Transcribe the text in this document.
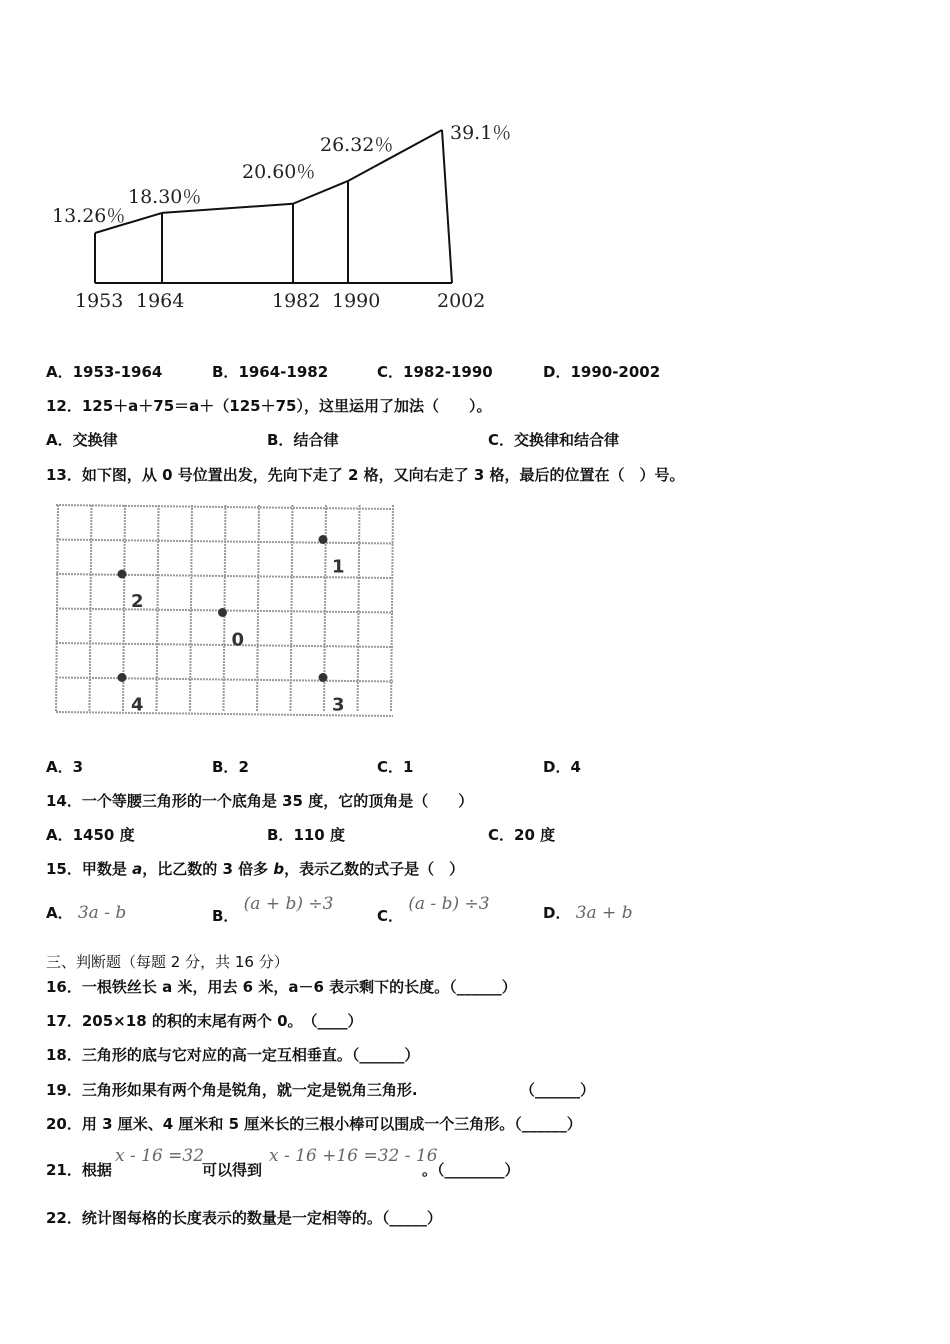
13.26％
18.30％
20.60％
26.32％
39.1％
1953 1964	1982 1990	2002
A．1953-1964	B．1964-1982	C．1982-1990	D．1990-2002
12．125＋a＋75＝a＋（125＋75），这里运用了加法（　　）。
A．交换律	B．结合律	C．交换律和结合律
13．如下图，从 0 号位置出发，先向下走了 2 格，又向右走了 3 格，最后的位置在（　）号。
1
2
0
4	3
A．3	B．2	C．1	D．4
14．一个等腰三角形的一个底角是 35 度，它的顶角是（　　）
A．1450 度	B．110 度	C．20 度
15．甲数是 a，比乙数的 3 倍多 b，表示乙数的式子是（　）
A． 3a - b	B． (a + b) ÷3
C． (a - b) ÷3	D． 3a + b
三、判断题（每题 2 分，共 16 分）
16．一根铁丝长 a 米，用去 6 米，a－6 表示剩下的长度。（______）
17．205×18 的积的末尾有两个 0。　（____）
18．三角形的底与它对应的高一定互相垂直。（______）
19．三角形如果有两个角是锐角，就一定是锐角三角形.	（______）
20．用 3 厘米、4 厘米和 5 厘米长的三根小棒可以围成一个三角形。（______）
21．根据
x - 16 =32
可以得到
x - 16 +16 =32 - 16
。（________）
22．统计图每格的长度表示的数量是一定相等的。（_____）
